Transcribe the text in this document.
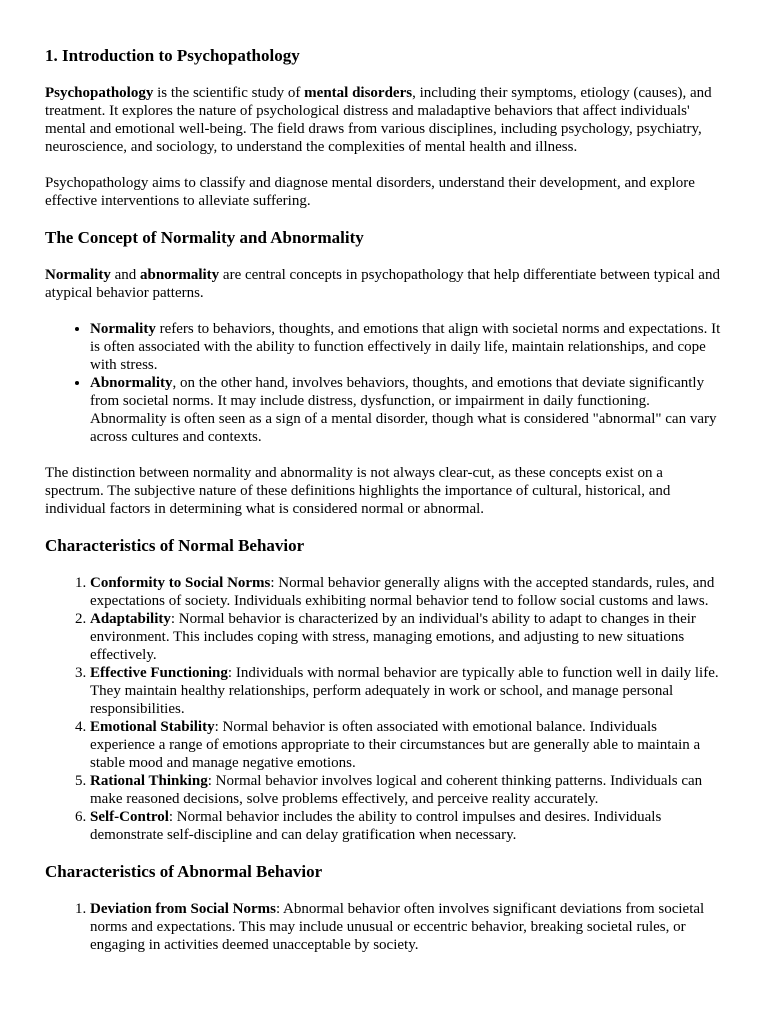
1. Introduction to Psychopathology

Psychopathology is the scientific study of mental disorders, including their symptoms, etiology (causes), and treatment. It explores the nature of psychological distress and maladaptive behaviors that affect individuals' mental and emotional well-being. The field draws from various disciplines, including psychology, psychiatry, neuroscience, and sociology, to understand the complexities of mental health and illness.

Psychopathology aims to classify and diagnose mental disorders, understand their development, and explore effective interventions to alleviate suffering.

The Concept of Normality and Abnormality

Normality and abnormality are central concepts in psychopathology that help differentiate between typical and atypical behavior patterns.

• Normality refers to behaviors, thoughts, and emotions that align with societal norms and expectations. It is often associated with the ability to function effectively in daily life, maintain relationships, and cope with stress.
• Abnormality, on the other hand, involves behaviors, thoughts, and emotions that deviate significantly from societal norms. It may include distress, dysfunction, or impairment in daily functioning. Abnormality is often seen as a sign of a mental disorder, though what is considered "abnormal" can vary across cultures and contexts.

The distinction between normality and abnormality is not always clear-cut, as these concepts exist on a spectrum. The subjective nature of these definitions highlights the importance of cultural, historical, and individual factors in determining what is considered normal or abnormal.

Characteristics of Normal Behavior
1. Conformity to Social Norms: Normal behavior generally aligns with the accepted standards, rules, and expectations of society. Individuals exhibiting normal behavior tend to follow social customs and laws.
2. Adaptability: Normal behavior is characterized by an individual's ability to adapt to changes in their environment. This includes coping with stress, managing emotions, and adjusting to new situations effectively.
3. Effective Functioning: Individuals with normal behavior are typically able to function well in daily life. They maintain healthy relationships, perform adequately in work or school, and manage personal responsibilities.
4. Emotional Stability: Normal behavior is often associated with emotional balance. Individuals experience a range of emotions appropriate to their circumstances but are generally able to maintain a stable mood and manage negative emotions.
5. Rational Thinking: Normal behavior involves logical and coherent thinking patterns. Individuals can make reasoned decisions, solve problems effectively, and perceive reality accurately.
6. Self-Control: Normal behavior includes the ability to control impulses and desires. Individuals demonstrate self-discipline and can delay gratification when necessary.
Characteristics of Abnormal Behavior
1. Deviation from Social Norms: Abnormal behavior often involves significant deviations from societal norms and expectations. This may include unusual or eccentric behavior, breaking societal rules, or engaging in activities deemed unacceptable by society.
